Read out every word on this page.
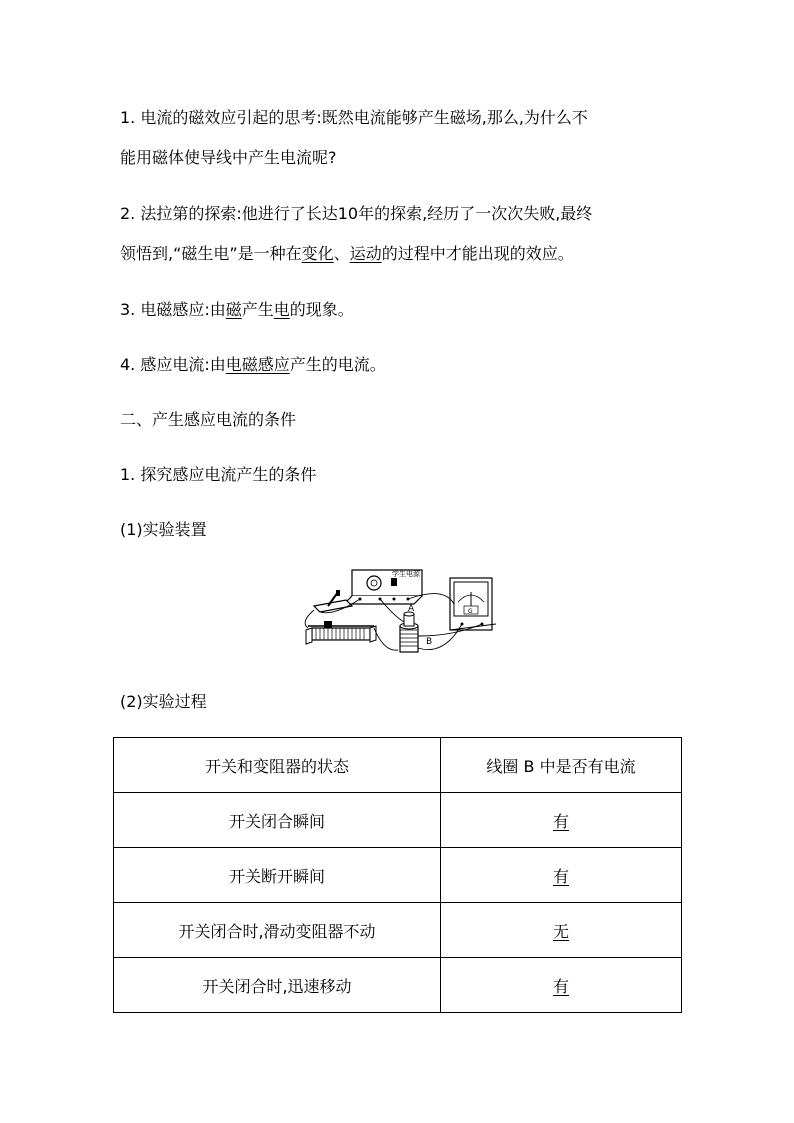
1. 电流的磁效应引起的思考:既然电流能够产生磁场,那么,为什么不
能用磁体使导线中产生电流呢?
2. 法拉第的探索:他进行了长达10年的探索,经历了一次次失败,最终
领悟到,“磁生电”是一种在变化、运动的过程中才能出现的效应。
3. 电磁感应:由磁产生电的现象。
4. 感应电流:由电磁感应产生的电流。
二、产生感应电流的条件
1. 探究感应电流产生的条件
(1)实验装置
学生电源
A
B
G
(2)实验过程
开关和变阻器的状态	线圈 B 中是否有电流
开关闭合瞬间	有
开关断开瞬间	有
开关闭合时,滑动变阻器不动	无
开关闭合时,迅速移动	有
